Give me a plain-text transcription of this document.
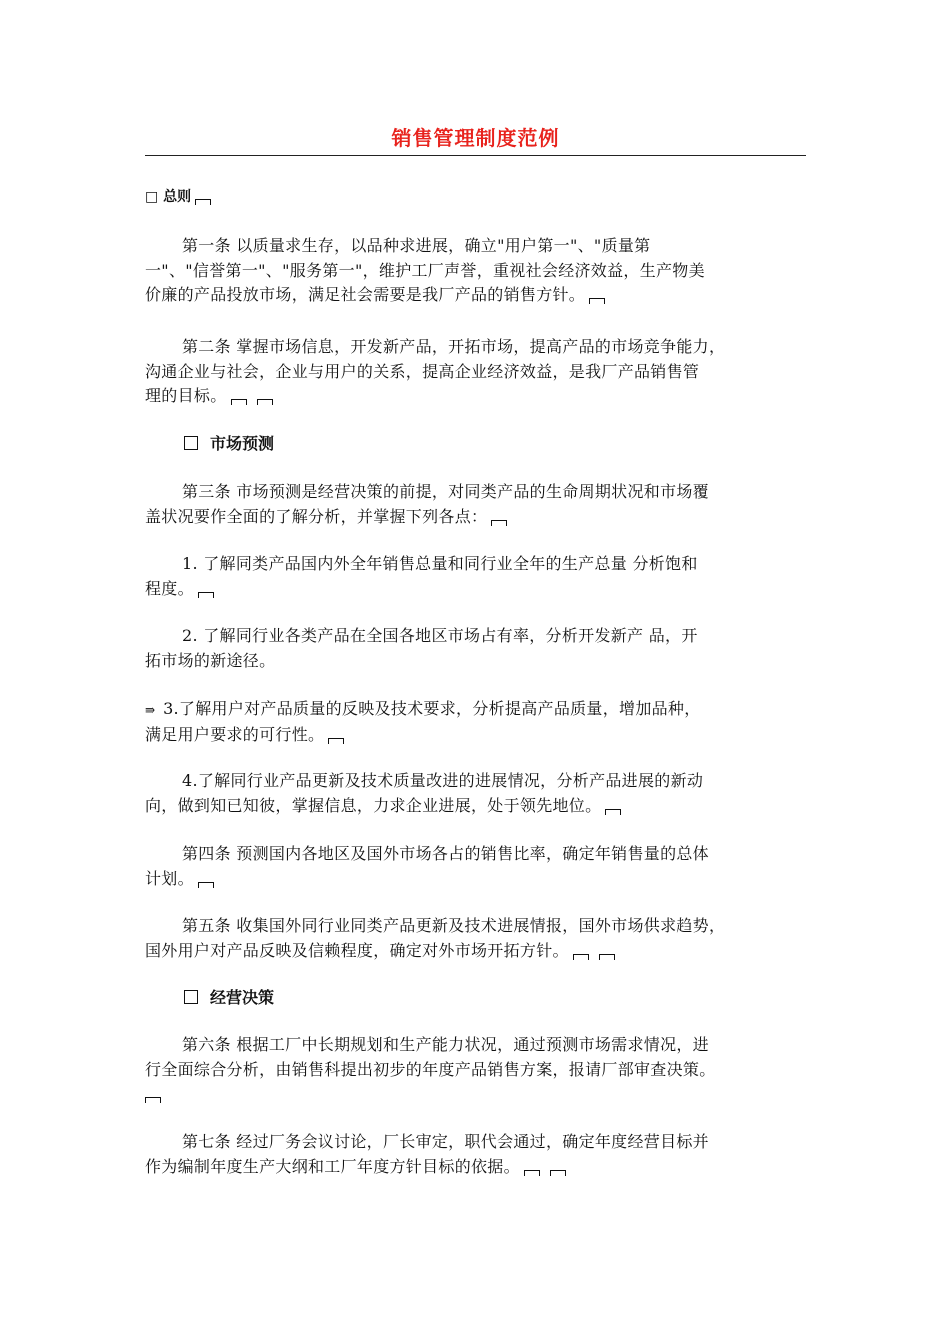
销售管理制度范例
□ 总则
第一条 以质量求生存，以品种求进展，确立"用户第一"、"质量第
一"、"信誉第一"、"服务第一"，维护工厂声誉，重视社会经济效益，生产物美
价廉的产品投放市场，满足社会需要是我厂产品的销售方针。
第二条 掌握市场信息，开发新产品，开拓市场，提高产品的市场竞争能力，
沟通企业与社会，企业与用户的关系，提高企业经济效益，是我厂产品销售管
理的目标。
市场预测
第三条 市场预测是经营决策的前提，对同类产品的生命周期状况和市场覆
盖状况要作全面的了解分析，并掌握下列各点：
1. 了解同类产品国内外全年销售总量和同行业全年的生产总量 分析饱和
程度。
2. 了解同行业各类产品在全国各地区市场占有率，分析开发新产 品，开
拓市场的新途径。
⇛ 3.了解用户对产品质量的反映及技术要求，分析提高产品质量，增加品种，
满足用户要求的可行性。
4.了解同行业产品更新及技术质量改进的进展情况，分析产品进展的新动
向，做到知已知彼，掌握信息，力求企业进展，处于领先地位。
第四条 预测国内各地区及国外市场各占的销售比率，确定年销售量的总体
计划。
第五条 收集国外同行业同类产品更新及技术进展情报，国外市场供求趋势，
国外用户对产品反映及信赖程度，确定对外市场开拓方针。
经营决策
第六条 根据工厂中长期规划和生产能力状况，通过预测市场需求情况，进
行全面综合分析，由销售科提出初步的年度产品销售方案，报请厂部审查决策。
第七条 经过厂务会议讨论，厂长审定，职代会通过，确定年度经营目标并
作为编制年度生产大纲和工厂年度方针目标的依据。
